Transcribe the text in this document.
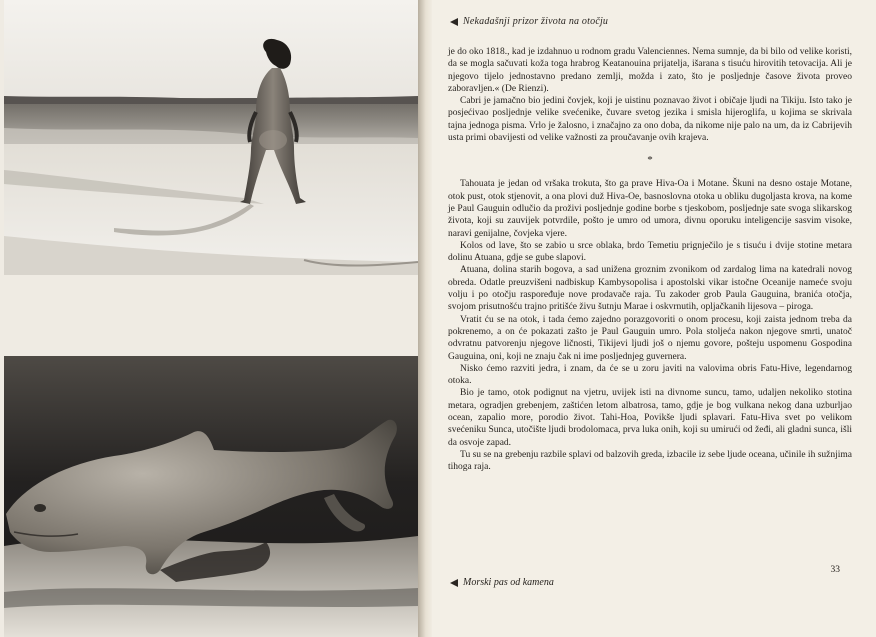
Nekadašnji prizor života na otočju

je do oko 1818., kad je izdahnuo u rodnom gradu Valenciennes. Nema sumnje, da bi bilo od velike koristi, da se mogla sačuvati koža toga hrabrog Keatanouina prijatelja, išarana s tisuću hirovitih tetovacija. Ali je njegovo tijelo jednostavno predano zemlji, možda i zato, što je posljednje časove života proveo zaboravljen.« (De Rienzi).

Cabri je jamačno bio jedini čovjek, koji je uistinu poznavao život i običaje ljudi na Tikiju. Isto tako je posjećivao posljednje velike svećenike, čuvare svetog jezika i smisla hijeroglifa, u kojima se skrivala tajna jednoga pisma. Vrlo je žalosno, i značajno za ono doba, da nikome nije palo na um, da iz Cabrijevih usta primi obavijesti od velike važnosti za proučavanje ovih krajeva.

*

Tahouata je jedan od vršaka trokuta, što ga prave Hiva-Oa i Motane. Škuni na desno ostaje Motane, otok pust, otok stjenovit, a ona plovi duž Hiva-Oe, basnoslovna otoka u obliku dugoljasta krova, na kome je Paul Gauguin odlučio da proživi posljednje godine borbe s tjeskobom, posljednje sate svoga slikarskog života, koji su zauvijek potvrdile, pošto je umro od umora, divnu oporuku inteligencije sasvim visoke, naravi genijalne, čovjeka vjere.

Kolos od lave, što se zabio u srce oblaka, brdo Temetiu prignječilo je s tisuću i dvije stotine metara dolinu Atuana, gdje se gube slapovi.

Atuana, dolina starih bogova, a sad unižena groznim zvonikom od zardalog lima na katedrali novog obreda. Odatle preuzvišeni nadbiskup Kambysopolisa i apostolski vikar istočne Oceanije nameće svoju volju i po otočju raspoređuje nove prodavače raja. Tu zakoder grob Paula Gauguina, branića otočja, svojom prisutnošću trajno pritišće živu šutnju Marae i oskvrnutih, opljačkanih lijesova – piroga.

Vratit ću se na otok, i tada ćemo zajedno porazgovoriti o onom procesu, koji zaista jednom treba da pokrenemo, a on će pokazati zašto je Paul Gauguin umro. Pola stoljeća nakon njegove smrti, unatoč odvratnu patvorenju njegove ličnosti, Tikijevi ljudi još o njemu govore, pošteju uspomenu Gospodina Gauguina, oni, koji ne znaju čak ni ime posljednjeg guvernera.

Nisko ćemo razviti jedra, i znam, da će se u zoru javiti na valovima obris Fatu-Hive, legendarnog otoka.

Bio je tamo, otok podignut na vjetru, uvijek isti na divnome suncu, tamo, udaljen nekoliko stotina metara, ogradjen grebenjem, zaštićen letom albatrosa, tamo, gdje je bog vulkana nekog dana uzburljao ocean, zapalio more, porodio život. Tahi-Hoa, Povikše ljudi splavari. Fatu-Hiva svet po velikom svećeniku Sunca, utočište ljudi brodolomaca, prva luka onih, koji su umirući od žeđi, ali gladni sunca, išli da osvoje zapad.

Tu su se na grebenju razbile splavi od balzovih greda, izbacile iz sebe ljude oceana, učinile ih sužnjima tihoga raja.

33
Morski pas od kamena
